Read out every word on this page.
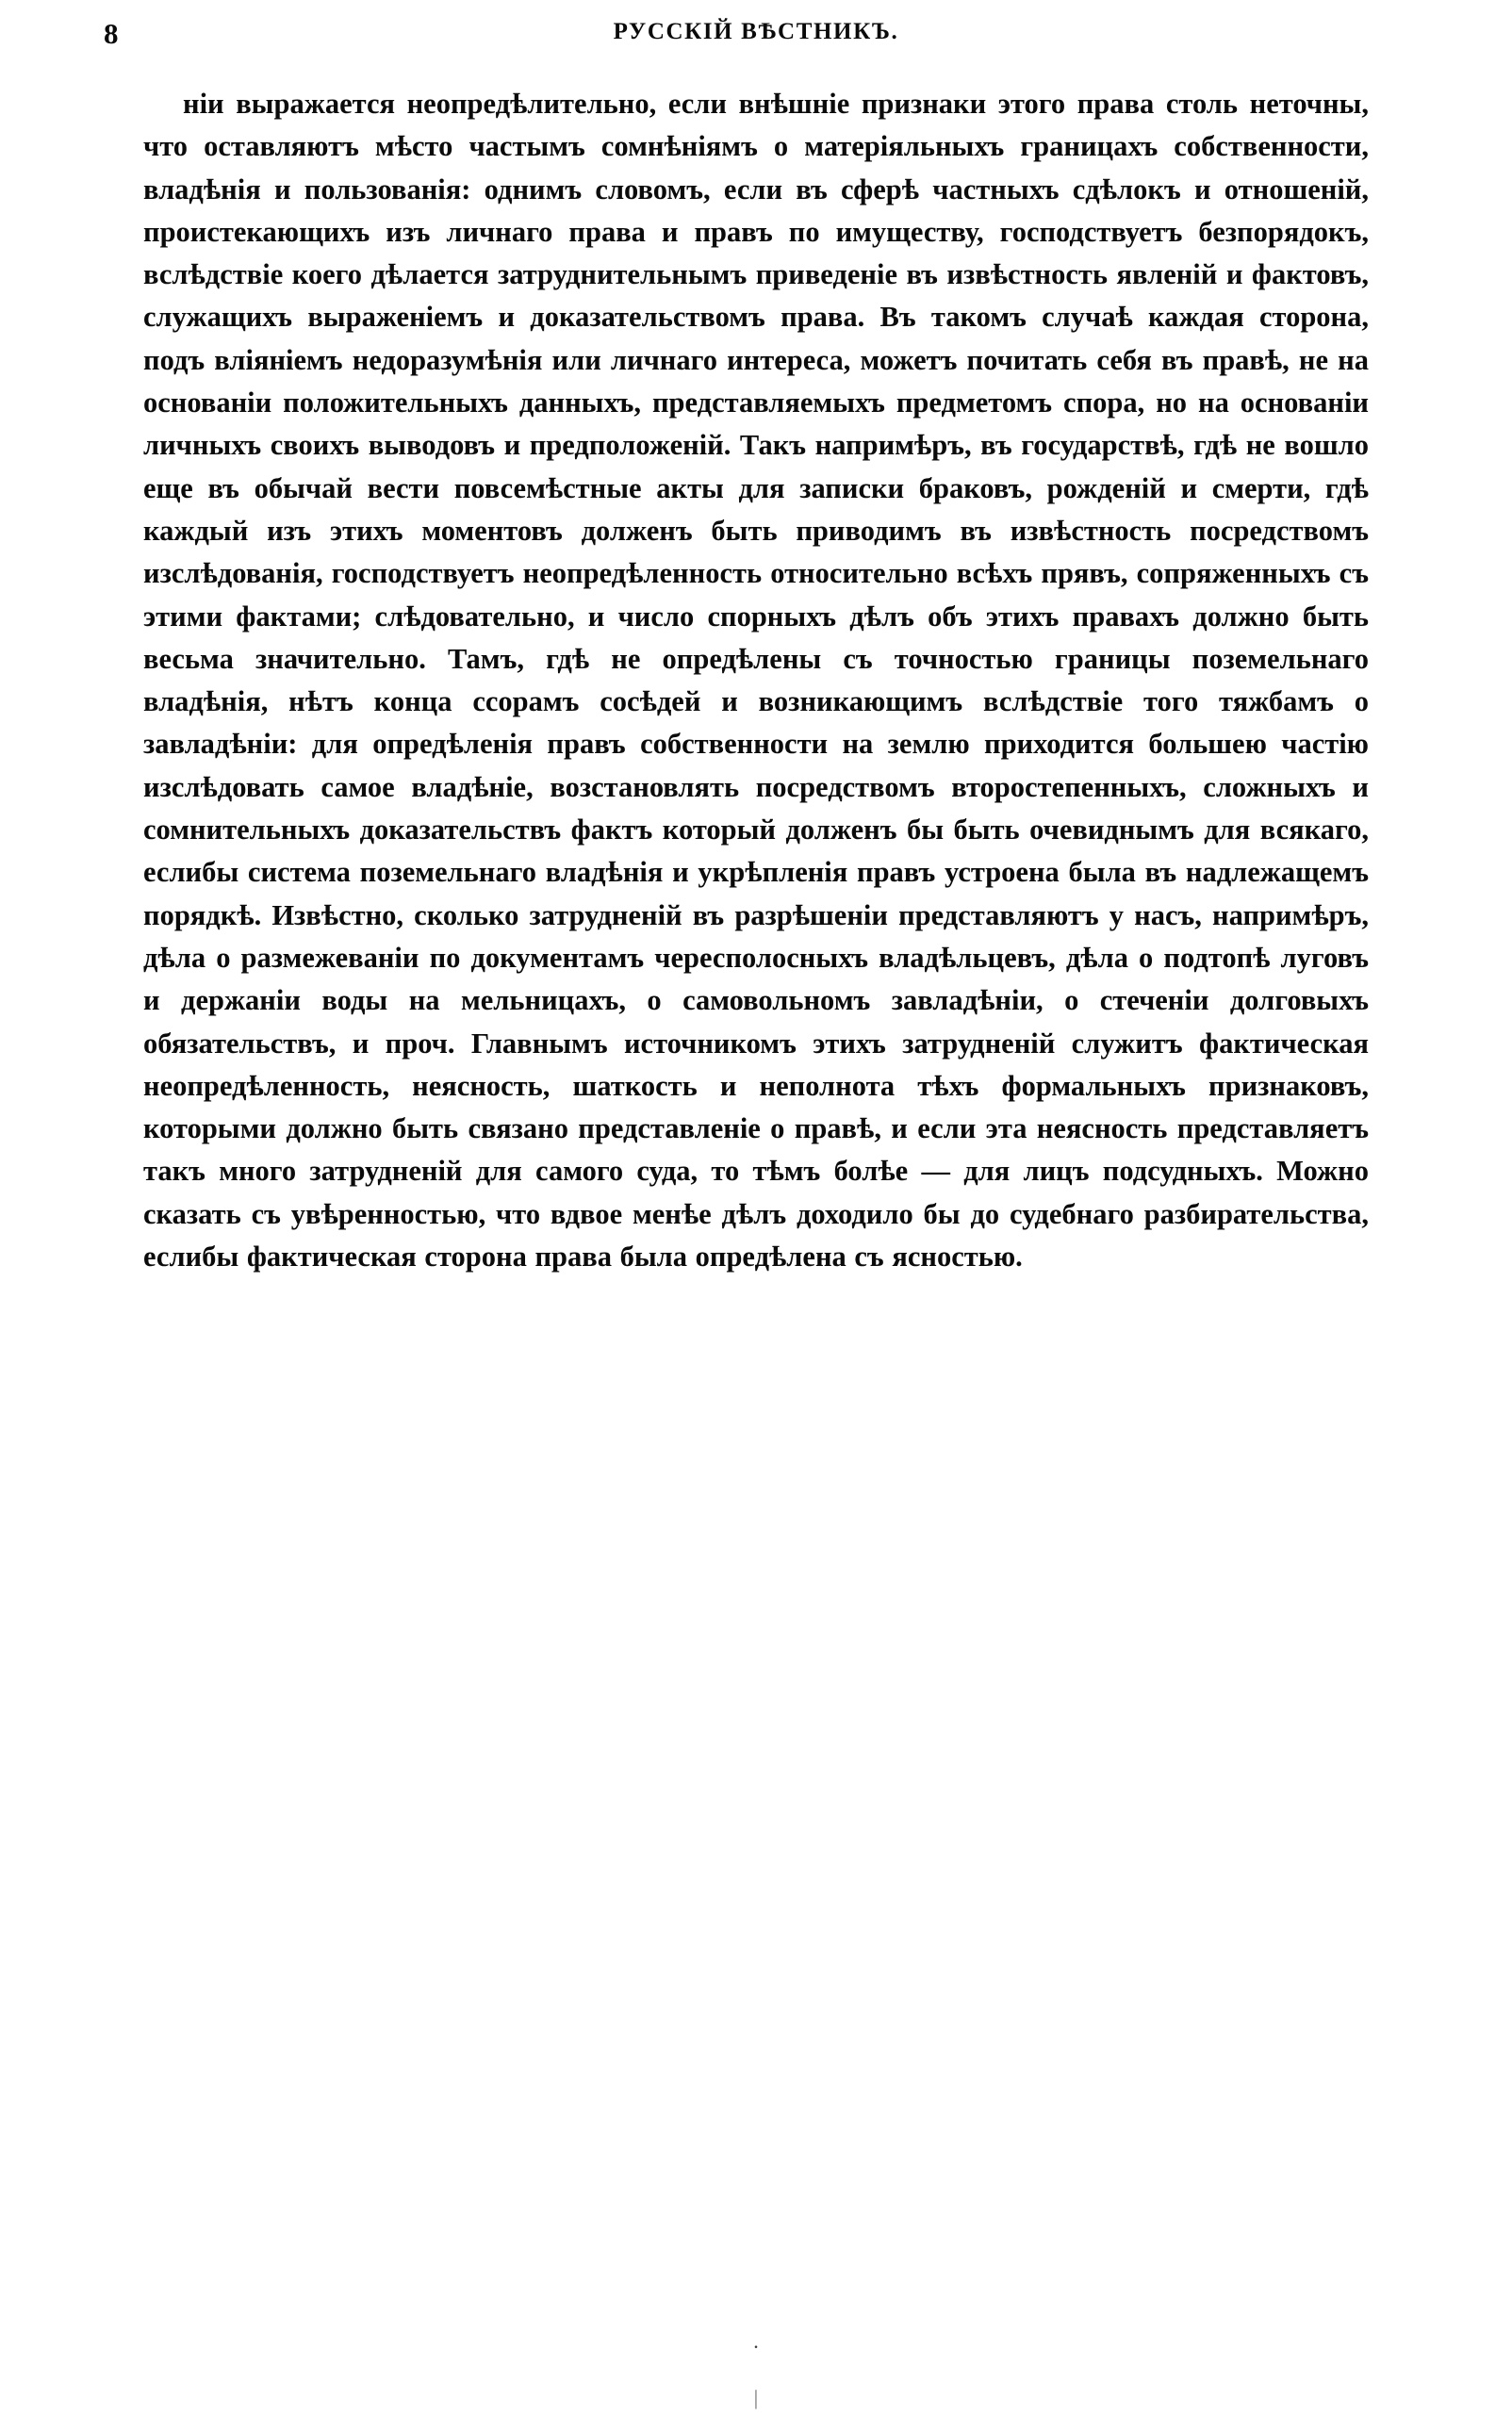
8	РУССКІЙ ВѢСТНИКЪ.

ніи выражается неопредѣлительно, если внѣшніе признаки этого права столь неточны, что оставляютъ мѣсто частымъ сомнѣніямъ о матеріяльныхъ границахъ собственности, владѣнія и пользованія: однимъ словомъ, если въ сферѣ частныхъ сдѣлокъ и отношеній, проистекающихъ изъ личнаго права и правъ по имуществу, господствуетъ безпорядокъ, вслѣдствіе коего дѣлается затруднительнымъ приведеніе въ извѣстность явленій и фактовъ, служащихъ выраженіемъ и доказательствомъ права. Въ такомъ случаѣ каждая сторона, подъ вліяніемъ недоразумѣнія или личнаго интереса, можетъ почитать себя въ правѣ, не на основаніи положительныхъ данныхъ, представляемыхъ предметомъ спора, но на основаніи личныхъ своихъ выводовъ и предположеній. Такъ напримѣръ, въ государствѣ, гдѣ не вошло еще въ обычай вести повсемѣстные акты для записки браковъ, рожденій и смерти, гдѣ каждый изъ этихъ моментовъ долженъ быть приводимъ въ извѣстность посредствомъ изслѣдованія, господствуетъ неопредѣленность относительно всѣхъ прявъ, сопряженныхъ съ этими фактами; слѣдовательно, и число спорныхъ дѣлъ объ этихъ правахъ должно быть весьма значительно. Тамъ, гдѣ не опредѣлены съ точностью границы поземельнаго владѣнія, нѣтъ конца ссорамъ сосѣдей и возникающимъ вслѣдствіе того тяжбамъ о завладѣніи: для опредѣленія правъ собственности на землю приходится большею частію изслѣдовать самое владѣніе, возстановлять посредствомъ второстепенныхъ, сложныхъ и сомнительныхъ доказательствъ фактъ который долженъ бы быть очевиднымъ для всякаго, еслибы система поземельнаго владѣнія и укрѣпленія правъ устроена была въ надлежащемъ порядкѣ. Извѣстно, сколько затрудненій въ разрѣшеніи представляютъ у насъ, напримѣръ, дѣла о размежеваніи по документамъ чересполосныхъ владѣльцевъ, дѣла о подтопѣ луговъ и держаніи воды на мельницахъ, о самовольномъ завладѣніи, о стеченіи долговыхъ обязательствъ, и проч. Главнымъ источникомъ этихъ затрудненій служитъ фактическая неопредѣленность, неясность, шаткость и неполнота тѣхъ формальныхъ признаковъ, которыми должно быть связано представленіе о правѣ, и если эта неясность представляетъ такъ много затрудненій для самого суда, то тѣмъ болѣе — для лицъ подсудныхъ. Можно сказать съ увѣренностью, что вдвое менѣе дѣлъ доходило бы до судебнаго разбирательства, еслибы фактическая сторона права была опредѣлена съ ясностью.

.
|
